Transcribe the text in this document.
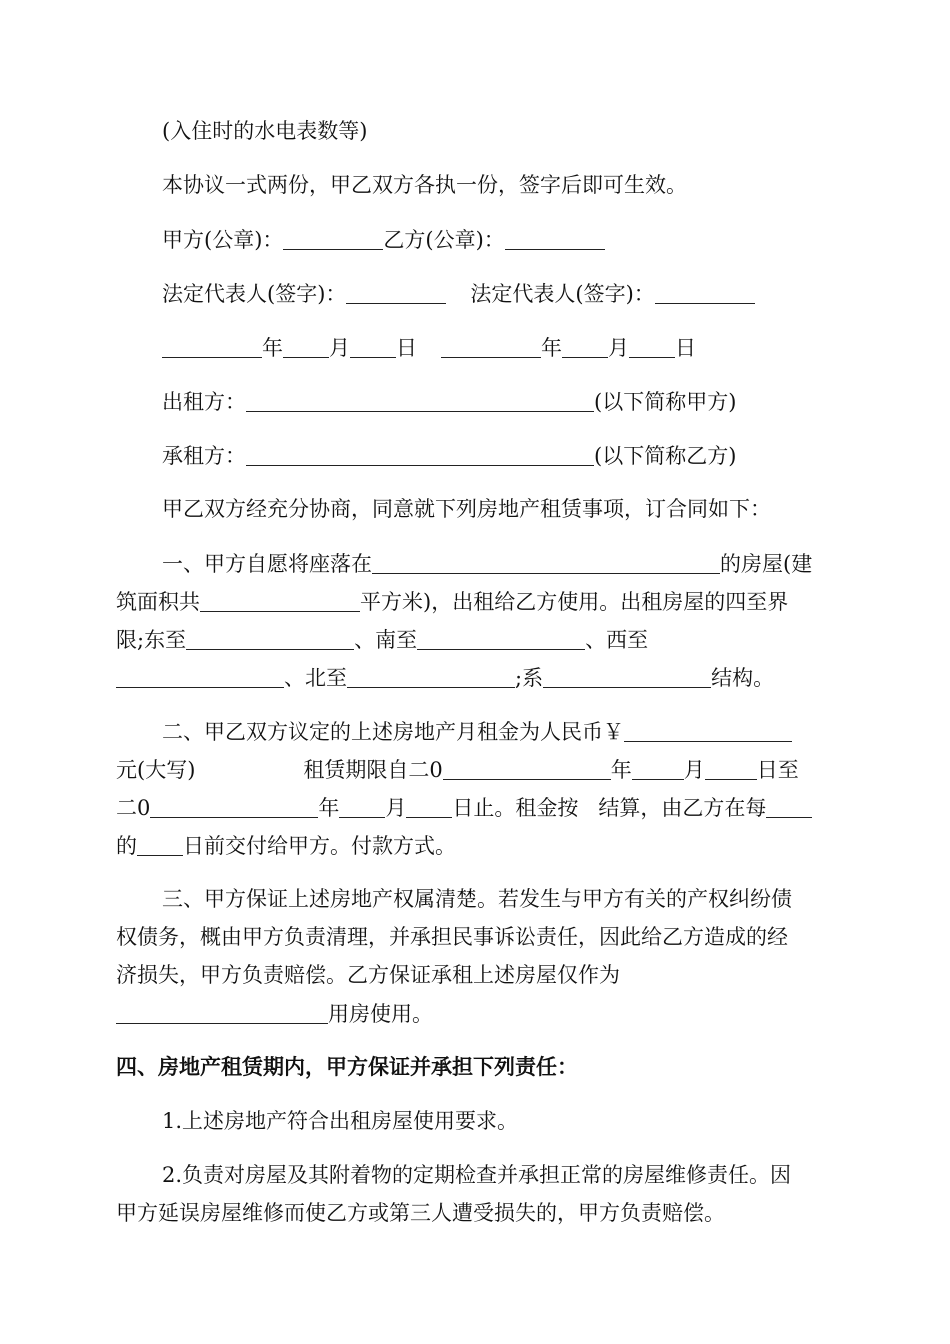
(入住时的水电表数等)
本协议一式两份，甲乙双方各执一份，签字后即可生效。
甲方(公章)：	乙方(公章)：
法定代表人(签字)：	法定代表人(签字)：
年 月 日	年 月 日
出租方：	(以下简称甲方)
承租方：	(以下简称乙方)
甲乙双方经充分协商，同意就下列房地产租赁事项，订合同如下：
一、甲方自愿将座落在	的房屋(建
筑面积共	平方米)，出租给乙方使用。出租房屋的四至界
限;东至	、南至	、西至
、北至	;系	结构。
二、甲乙双方议定的上述房地产月租金为人民币￥
元(大写)	租赁期限自二0	年 月 日至
二0	年 月 日止。租金按 结算，由乙方在每
的 日前交付给甲方。付款方式。
三、甲方保证上述房地产权属清楚。若发生与甲方有关的产权纠纷债
权债务，概由甲方负责清理，并承担民事诉讼责任，因此给乙方造成的经
济损失，甲方负责赔偿。乙方保证承租上述房屋仅作为
用房使用。
四、房地产租赁期内，甲方保证并承担下列责任：
1.上述房地产符合出租房屋使用要求。
2.负责对房屋及其附着物的定期检查并承担正常的房屋维修责任。因
甲方延误房屋维修而使乙方或第三人遭受损失的，甲方负责赔偿。
